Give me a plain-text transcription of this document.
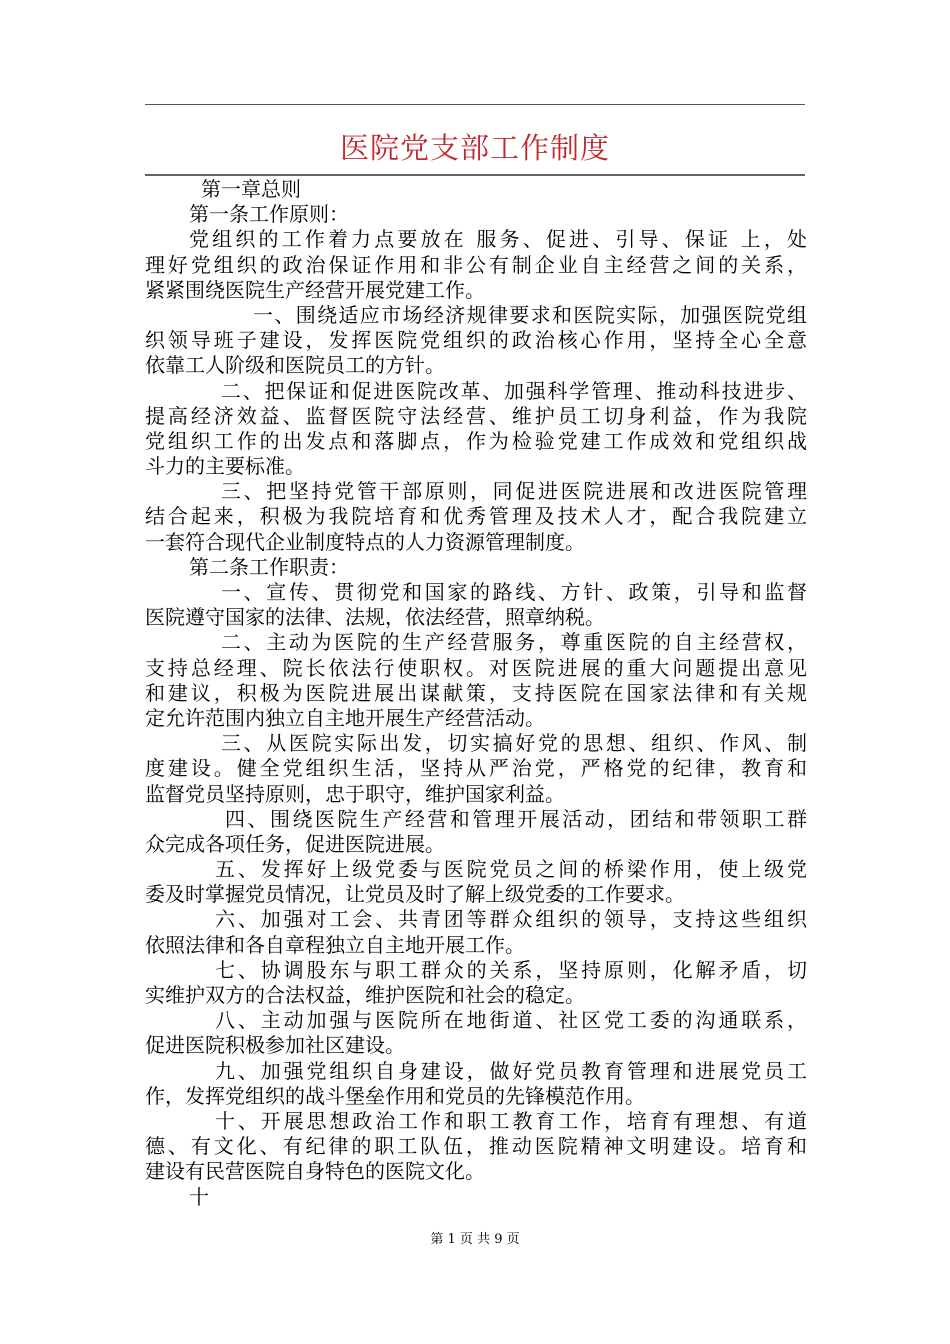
医院党支部工作制度
第一章总则
第一条工作原则：
党组织的工作着力点要放在 服务、促进、引导、保证 上，处
理好党组织的政治保证作用和非公有制企业自主经营之间的关系，
紧紧围绕医院生产经营开展党建工作。
一、围绕适应市场经济规律要求和医院实际，加强医院党组
织领导班子建设，发挥医院党组织的政治核心作用，坚持全心全意
依靠工人阶级和医院员工的方针。
二、把保证和促进医院改革、加强科学管理、推动科技进步、
提高经济效益、监督医院守法经营、维护员工切身利益，作为我院
党组织工作的出发点和落脚点，作为检验党建工作成效和党组织战
斗力的主要标准。
三、把坚持党管干部原则，同促进医院进展和改进医院管理
结合起来，积极为我院培育和优秀管理及技术人才，配合我院建立
一套符合现代企业制度特点的人力资源管理制度。
第二条工作职责：
一、宣传、贯彻党和国家的路线、方针、政策，引导和监督
医院遵守国家的法律、法规，依法经营，照章纳税。
二、主动为医院的生产经营服务，尊重医院的自主经营权，
支持总经理、院长依法行使职权。对医院进展的重大问题提出意见
和建议，积极为医院进展出谋献策，支持医院在国家法律和有关规
定允许范围内独立自主地开展生产经营活动。
三、从医院实际出发，切实搞好党的思想、组织、作风、制
度建设。健全党组织生活，坚持从严治党，严格党的纪律，教育和
监督党员坚持原则，忠于职守，维护国家利益。
四、围绕医院生产经营和管理开展活动，团结和带领职工群
众完成各项任务，促进医院进展。
五、发挥好上级党委与医院党员之间的桥梁作用，使上级党
委及时掌握党员情况，让党员及时了解上级党委的工作要求。
六、加强对工会、共青团等群众组织的领导，支持这些组织
依照法律和各自章程独立自主地开展工作。
七、协调股东与职工群众的关系，坚持原则，化解矛盾，切
实维护双方的合法权益，维护医院和社会的稳定。
八、主动加强与医院所在地街道、社区党工委的沟通联系，
促进医院积极参加社区建设。
九、加强党组织自身建设，做好党员教育管理和进展党员工
作，发挥党组织的战斗堡垒作用和党员的先锋模范作用。
十、开展思想政治工作和职工教育工作，培育有理想、有道
德、有文化、有纪律的职工队伍，推动医院精神文明建设。培育和
建设有民营医院自身特色的医院文化。
十
第 1 页 共 9 页
